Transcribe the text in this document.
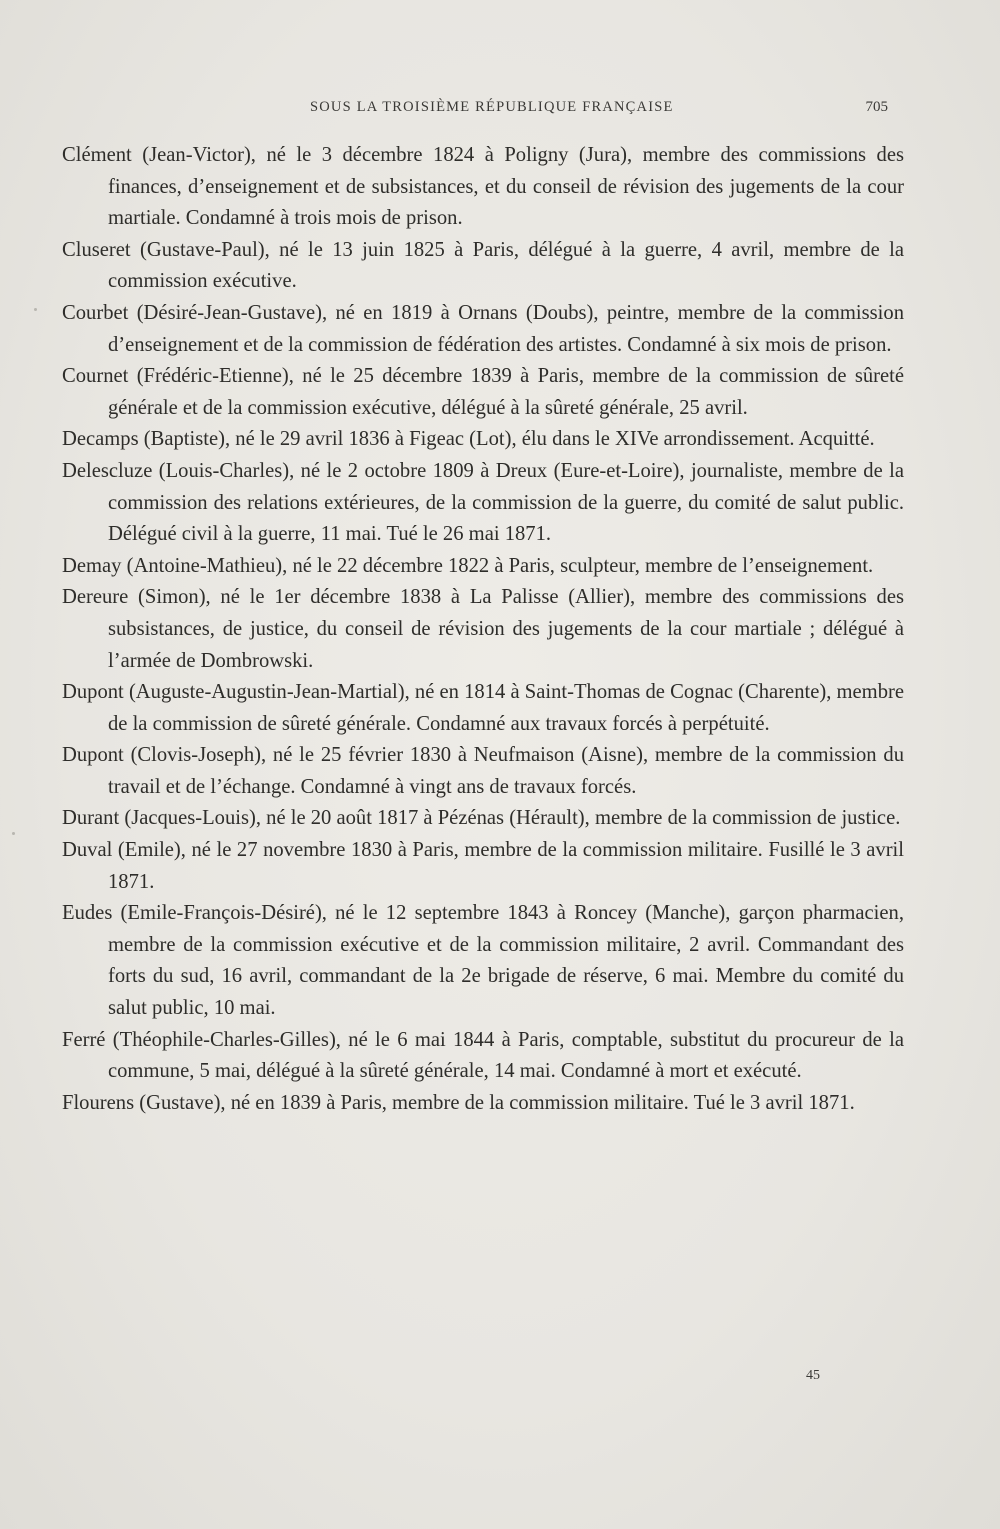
SOUS LA TROISIÈME RÉPUBLIQUE FRANÇAISE	705

Clément (Jean-Victor), né le 3 décembre 1824 à Poligny (Jura), membre des commissions des finances, d’enseignement et de subsistances, et du conseil de révision des jugements de la cour martiale. Condamné à trois mois de prison.

Cluseret (Gustave-Paul), né le 13 juin 1825 à Paris, délégué à la guerre, 4 avril, membre de la commission exécutive.

Courbet (Désiré-Jean-Gustave), né en 1819 à Ornans (Doubs), peintre, membre de la commission d’enseignement et de la commission de fédération des artistes. Condamné à six mois de prison.

Cournet (Frédéric-Etienne), né le 25 décembre 1839 à Paris, membre de la commission de sûreté générale et de la commission exécutive, délégué à la sûreté générale, 25 avril.

Decamps (Baptiste), né le 29 avril 1836 à Figeac (Lot), élu dans le XIVe arrondissement. Acquitté.

Delescluze (Louis-Charles), né le 2 octobre 1809 à Dreux (Eure-et-Loire), journaliste, membre de la commission des relations extérieures, de la commission de la guerre, du comité de salut public. Délégué civil à la guerre, 11 mai. Tué le 26 mai 1871.

Demay (Antoine-Mathieu), né le 22 décembre 1822 à Paris, sculpteur, membre de l’enseignement.

Dereure (Simon), né le 1er décembre 1838 à La Palisse (Allier), membre des commissions des subsistances, de justice, du conseil de révision des jugements de la cour martiale ; délégué à l’armée de Dombrowski.

Dupont (Auguste-Augustin-Jean-Martial), né en 1814 à Saint-Thomas de Cognac (Charente), membre de la commission de sûreté générale. Condamné aux travaux forcés à perpétuité.

Dupont (Clovis-Joseph), né le 25 février 1830 à Neufmaison (Aisne), membre de la commission du travail et de l’échange. Condamné à vingt ans de travaux forcés.

Durant (Jacques-Louis), né le 20 août 1817 à Pézénas (Hérault), membre de la commission de justice.

Duval (Emile), né le 27 novembre 1830 à Paris, membre de la commission militaire. Fusillé le 3 avril 1871.

Eudes (Emile-François-Désiré), né le 12 septembre 1843 à Roncey (Manche), garçon pharmacien, membre de la commission exécutive et de la commission militaire, 2 avril. Commandant des forts du sud, 16 avril, commandant de la 2e brigade de réserve, 6 mai. Membre du comité du salut public, 10 mai.

Ferré (Théophile-Charles-Gilles), né le 6 mai 1844 à Paris, comptable, substitut du procureur de la commune, 5 mai, délégué à la sûreté générale, 14 mai. Condamné à mort et exécuté.

Flourens (Gustave), né en 1839 à Paris, membre de la commission militaire. Tué le 3 avril 1871.

45
